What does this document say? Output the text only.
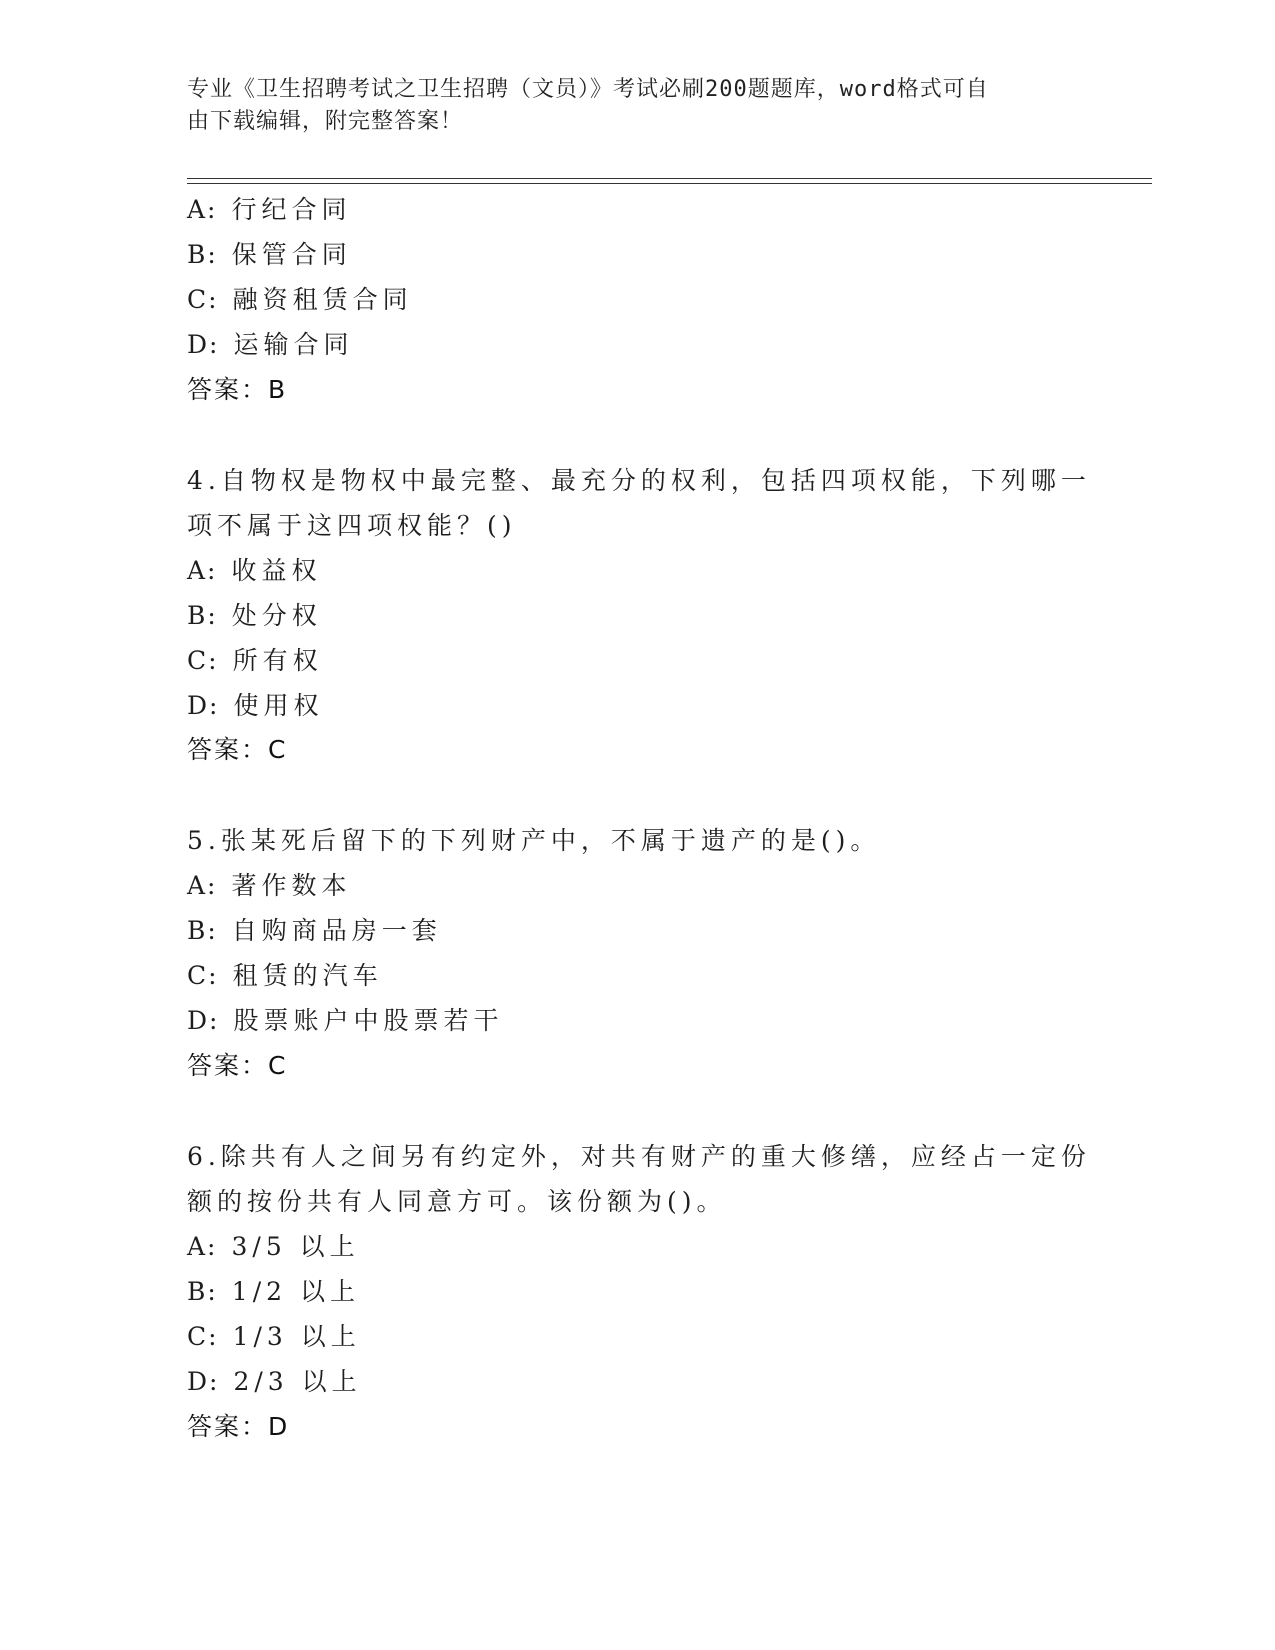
专业《卫生招聘考试之卫生招聘（文员）》考试必刷200题题库，word格式可自
由下载编辑，附完整答案！
A: 行纪合同
B: 保管合同
C: 融资租赁合同
D: 运输合同
答案：B
4.自物权是物权中最完整、最充分的权利，包括四项权能，下列哪一
项不属于这四项权能？()
A: 收益权
B: 处分权
C: 所有权
D: 使用权
答案：C
5.张某死后留下的下列财产中，不属于遗产的是()。
A: 著作数本
B: 自购商品房一套
C: 租赁的汽车
D: 股票账户中股票若干
答案：C
6.除共有人之间另有约定外，对共有财产的重大修缮，应经占一定份
额的按份共有人同意方可。该份额为()。
A: 3/5 以上
B: 1/2 以上
C: 1/3 以上
D: 2/3 以上
答案：D
